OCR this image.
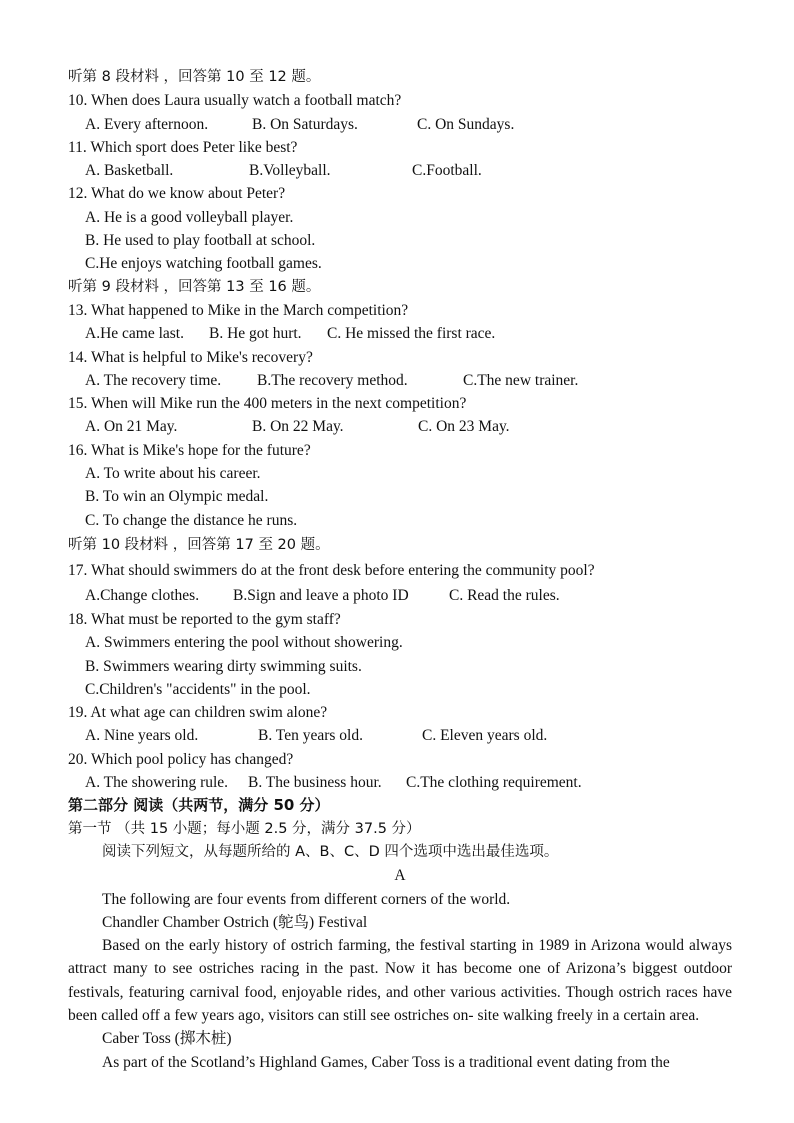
听第 8 段材料 ，回答第 10 至 12 题。
10. When does Laura usually watch a football match?
A. Every afternoon.	B. On Saturdays.	C. On Sundays.
11. Which sport does Peter like best?
A. Basketball.	B.Volleyball.	C.Football.
12. What do we know about Peter?
A. He is a good volleyball player.
B. He used to play football at school.
C.He enjoys watching football games.
听第 9 段材料 ，回答第 13 至 16 题。
13. What happened to Mike in the March competition?
A.He came last. B. He got hurt. C. He missed the first race.
14. What is helpful to Mike's recovery?
A. The recovery time. B.The recovery method.	C.The new trainer.
15. When will Mike run the 400 meters in the next competition?
A. On 21 May.	B. On 22 May.	C. On 23 May.
16. What is Mike's hope for the future?
A. To write about his career.
B. To win an Olympic medal.
C. To change the distance he runs.
听第 10 段材料 ，回答第 17 至 20 题。
17. What should swimmers do at the front desk before entering the community pool?
A.Change clothes. B.Sign and leave a photo ID	C. Read the rules.
18. What must be reported to the gym staff?
A. Swimmers entering the pool without showering.
B. Swimmers wearing dirty swimming suits.
C.Children's "accidents" in the pool.
19. At what age can children swim alone?
A. Nine years old.	B. Ten years old.	C. Eleven years old.
20. Which pool policy has changed?
A. The showering rule. B. The business hour. C.The clothing requirement.
第二部分 阅读（共两节，满分 50 分）
第一节 （共 15 小题；每小题 2.5 分，满分 37.5 分）
阅读下列短文，从每题所给的 A、B、C、D 四个选项中选出最佳选项。
A
The following are four events from different corners of the world.
Chandler Chamber Ostrich (鸵鸟) Festival
Based on the early history of ostrich farming, the festival starting in 1989 in Arizona would always attract many to see ostriches racing in the past. Now it has become one of Arizona’s biggest outdoor festivals, featuring carnival food, enjoyable rides, and other various activities. Though ostrich races have been called off a few years ago, visitors can still see ostriches on- site walking freely in a certain area.
Caber Toss (掷木桩)
As part of the Scotland’s Highland Games, Caber Toss is a traditional event dating from the
